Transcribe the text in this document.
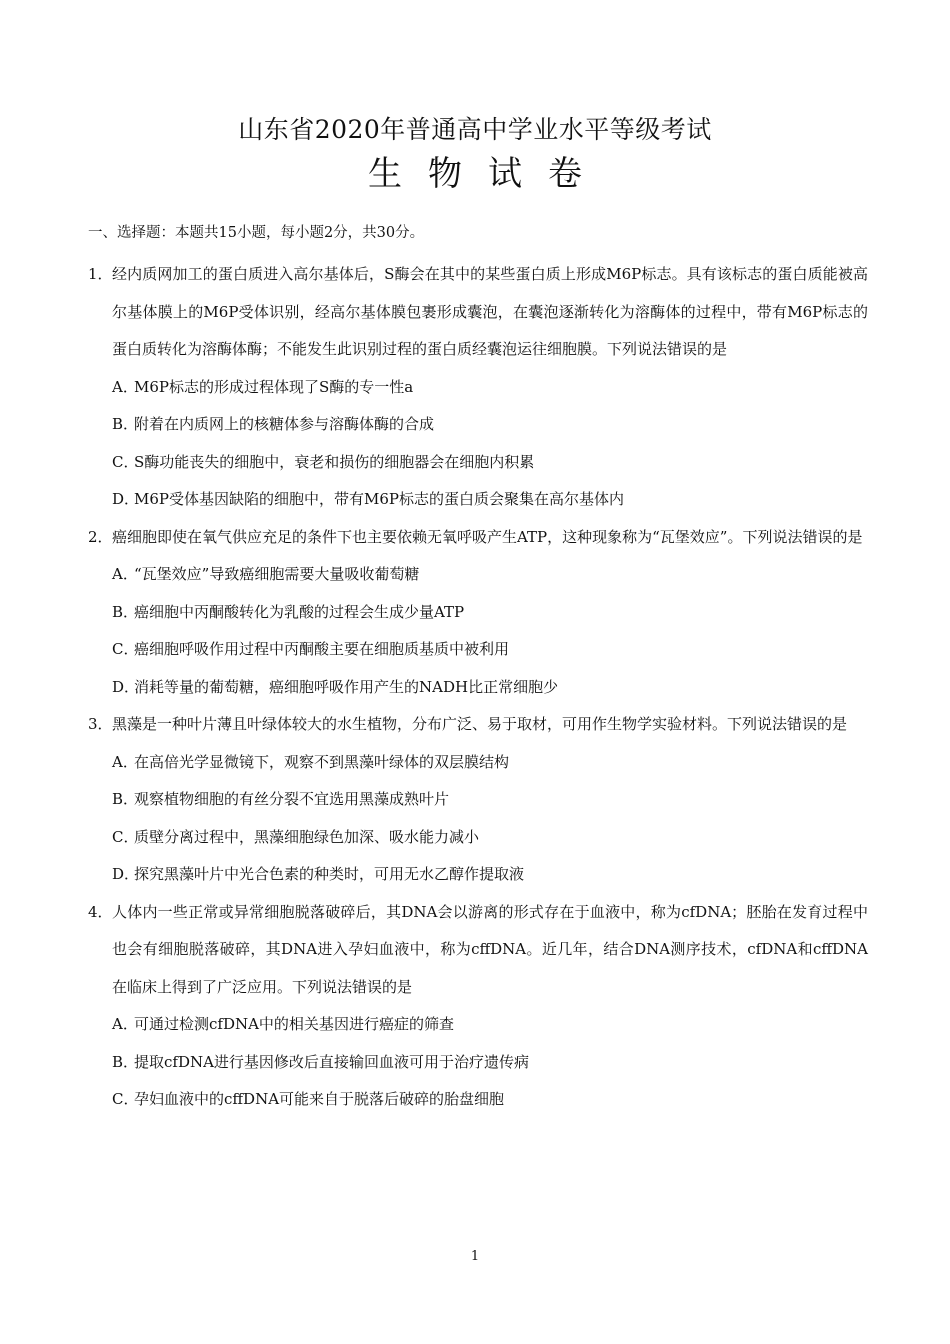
山东省2020年普通高中学业水平等级考试
生物试卷
一、选择题：本题共15小题，每小题2分，共30分。
1． 经内质网加工的蛋白质进入高尔基体后，S酶会在其中的某些蛋白质上形成M6P标志。具有该标志的蛋白质能被高尔基体膜上的M6P受体识别，经高尔基体膜包裹形成囊泡，在囊泡逐渐转化为溶酶体的过程中，带有M6P标志的蛋白质转化为溶酶体酶；不能发生此识别过程的蛋白质经囊泡运往细胞膜。下列说法错误的是
A．
M6P标志的形成过程体现了S酶的专一性a
B．
附着在内质网上的核糖体参与溶酶体酶的合成
C．
S酶功能丧失的细胞中，衰老和损伤的细胞器会在细胞内积累
D．
M6P受体基因缺陷的细胞中，带有M6P标志的蛋白质会聚集在高尔基体内
2． 癌细胞即使在氧气供应充足的条件下也主要依赖无氧呼吸产生ATP，这种现象称为“瓦堡效应”。下列说法错误的是
A．
“瓦堡效应”导致癌细胞需要大量吸收葡萄糖
B．
癌细胞中丙酮酸转化为乳酸的过程会生成少量ATP
C．
癌细胞呼吸作用过程中丙酮酸主要在细胞质基质中被利用
D．
消耗等量的葡萄糖，癌细胞呼吸作用产生的NADH比正常细胞少
3． 黑藻是一种叶片薄且叶绿体较大的水生植物，分布广泛、易于取材，可用作生物学实验材料。下列说法错误的是
A．
在高倍光学显微镜下，观察不到黑藻叶绿体的双层膜结构
B．
观察植物细胞的有丝分裂不宜选用黑藻成熟叶片
C．
质壁分离过程中，黑藻细胞绿色加深、吸水能力减小
D．
探究黑藻叶片中光合色素的种类时，可用无水乙醇作提取液
4． 人体内一些正常或异常细胞脱落破碎后，其DNA会以游离的形式存在于血液中，称为cfDNA；胚胎在发育过程中也会有细胞脱落破碎，其DNA进入孕妇血液中，称为cffDNA。近几年，结合DNA测序技术，cfDNA和cffDNA在临床上得到了广泛应用。下列说法错误的是
A．
可通过检测cfDNA中的相关基因进行癌症的筛查
B．
提取cfDNA进行基因修改后直接输回血液可用于治疗遗传病
C．
孕妇血液中的cffDNA可能来自于脱落后破碎的胎盘细胞
1
